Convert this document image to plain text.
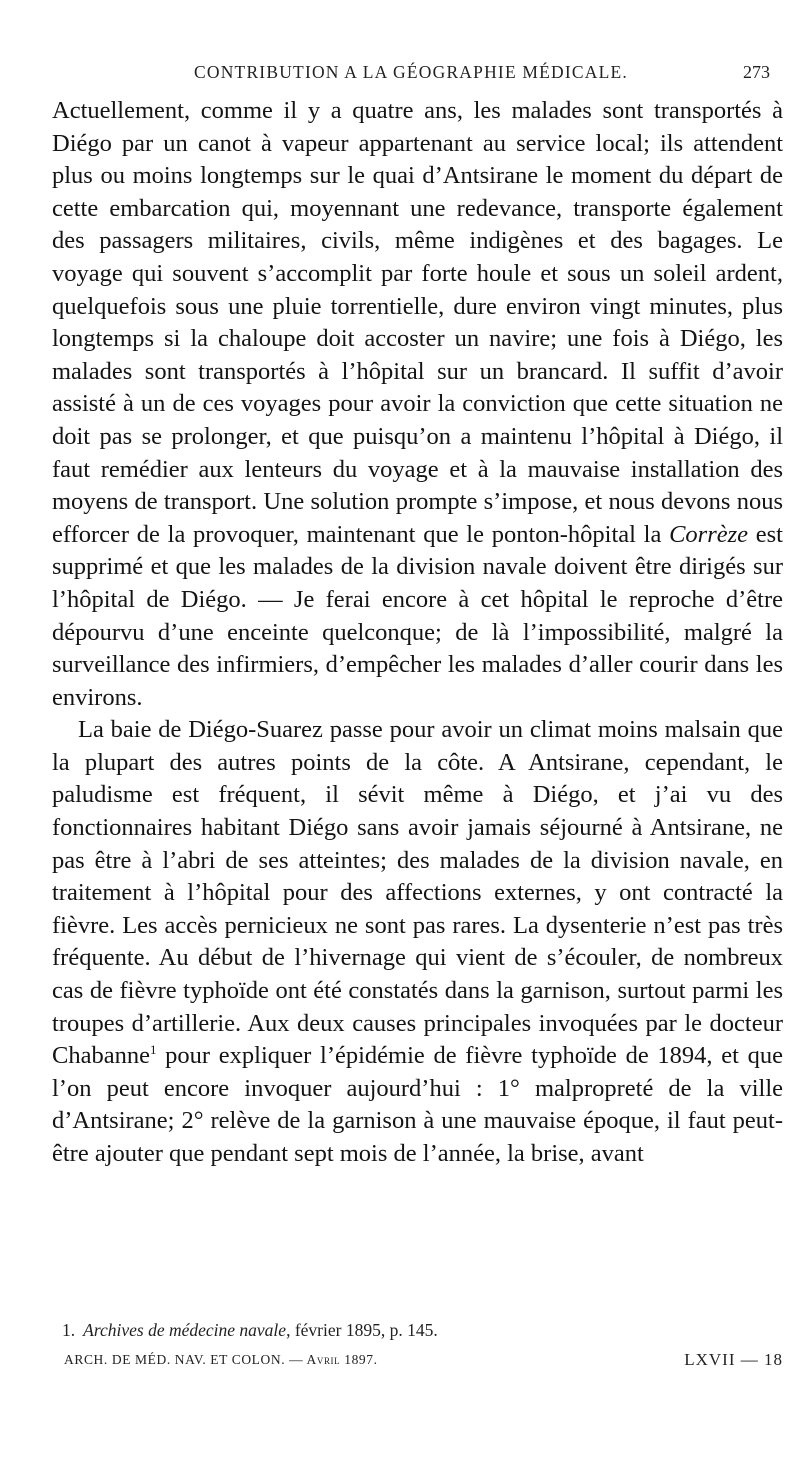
CONTRIBUTION A LA GÉOGRAPHIE MÉDICALE.	273

Actuellement, comme il y a quatre ans, les malades sont transportés à Diégo par un canot à vapeur appartenant au service local; ils attendent plus ou moins longtemps sur le quai d’Antsirane le moment du départ de cette embarcation qui, moyennant une redevance, transporte également des passagers militaires, civils, même indigènes et des bagages. Le voyage qui souvent s’accomplit par forte houle et sous un soleil ardent, quelquefois sous une pluie torrentielle, dure environ vingt minutes, plus longtemps si la chaloupe doit accoster un navire; une fois à Diégo, les malades sont transportés à l’hôpital sur un brancard. Il suffit d’avoir assisté à un de ces voyages pour avoir la conviction que cette situation ne doit pas se prolonger, et que puisqu’on a maintenu l’hôpital à Diégo, il faut remédier aux lenteurs du voyage et à la mauvaise installation des moyens de transport. Une solution prompte s’impose, et nous devons nous efforcer de la provoquer, maintenant que le ponton-hôpital la Corrèze est supprimé et que les malades de la division navale doivent être dirigés sur l’hôpital de Diégo. — Je ferai encore à cet hôpital le reproche d’être dépourvu d’une enceinte quelconque; de là l’impossibilité, malgré la surveillance des infirmiers, d’empêcher les malades d’aller courir dans les environs.

La baie de Diégo-Suarez passe pour avoir un climat moins malsain que la plupart des autres points de la côte. A Antsirane, cependant, le paludisme est fréquent, il sévit même à Diégo, et j’ai vu des fonctionnaires habitant Diégo sans avoir jamais séjourné à Antsirane, ne pas être à l’abri de ses atteintes; des malades de la division navale, en traitement à l’hôpital pour des affections externes, y ont contracté la fièvre. Les accès pernicieux ne sont pas rares. La dysenterie n’est pas très fréquente. Au début de l’hivernage qui vient de s’écouler, de nombreux cas de fièvre typhoïde ont été constatés dans la garnison, surtout parmi les troupes d’artillerie. Aux deux causes principales invoquées par le docteur Chabanne$^1$ pour expliquer l’épidémie de fièvre typhoïde de 1894, et que l’on peut encore invoquer aujourd’hui : 1° malpropreté de la ville d’Antsirane; 2° relève de la garnison à une mauvaise époque, il faut peut-être ajouter que pendant sept mois de l’année, la brise, avant

1. Archives de médecine navale, février 1895, p. 145.
ARCH. DE MÉD. NAV. ET COLON. — Avril 1897.	LXVII — 18
